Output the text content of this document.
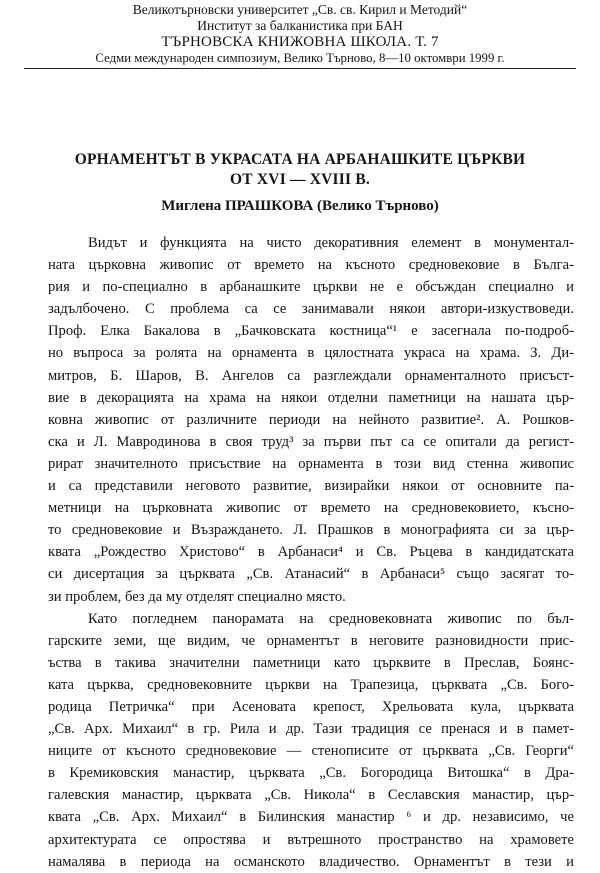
Великотърновски университет „Св. св. Кирил и Методий“
Институт за балканистика при БАН
ТЪРНОВСКА КНИЖОВНА ШКОЛА. Т. 7
Седми международен симпозиум, Велико Търново, 8—10 октомври 1999 г.
ОРНАМЕНТЪТ В УКРАСАТА НА АРБАНАШКИТЕ ЦЪРКВИ
ОТ XVI — XVIII В.
Миглена ПРАШКОВА (Велико Търново)
Видът и функцията на чисто декоративния елемент в монументал-
ната църковна живопис от времето на късното средновековие в Бълга-
рия и по-специално в арбанашките църкви не е обсъждан специално и
задълбочено. С проблема са се занимавали някои автори-изкуствоведи.
Проф. Елка Бакалова в „Бачковската костница“¹ е засегнала по-подроб-
но въпроса за ролята на орнамента в цялостната украса на храма. З. Ди-
митров, Б. Шаров, В. Ангелов са разглеждали орнаменталното присъст-
вие в декорацията на храма на някои отделни паметници на нашата цър-
ковна живопис от различните периоди на нейното развитие². А. Рошков-
ска и Л. Мавродинова в своя труд³ за първи път са се опитали да регист-
рират значителното присъствие на орнамента в този вид стенна живопис
и са представили неговото развитие, визирайки някои от основните па-
метници на църковната живопис от времето на средновековието, късно-
то средновековие и Възраждането. Л. Прашков в монографията си за цър-
квата „Рождество Христово“ в Арбанаси⁴ и Св. Ръцева в кандидатската
си дисертация за църквата „Св. Атанасий“ в Арбанаси⁵ също засягат то-
зи проблем, без да му отделят специално място.
Като погледнем панорамата на средновековната живопис по бъл-
гарските земи, ще видим, че орнаментът в неговите разновидности прис-
ъства в такива значителни паметници като църквите в Преслав, Боянс-
ката църква, средновековните църкви на Трапезица, църквата „Св. Бого-
родица Петричка“ при Асеновата крепост, Хрельовата кула, църквата
„Св. Арх. Михаил“ в гр. Рила и др. Тази традиция се пренася и в памет-
ниците от късното средновековие — стенописите от църквата „Св. Георги“
в Кремиковския манастир, църквата „Св. Богородица Витошка“ в Дра-
галевския манастир, църквата „Св. Никола“ в Сеславския манастир, цър-
квата „Св. Арх. Михаил“ в Билинския манастир ⁶ и др. независимо, че
архитектурата се опростява и вътрешното пространство на храмовете
намалява в периода на османското владичество. Орнаментът в тези и
